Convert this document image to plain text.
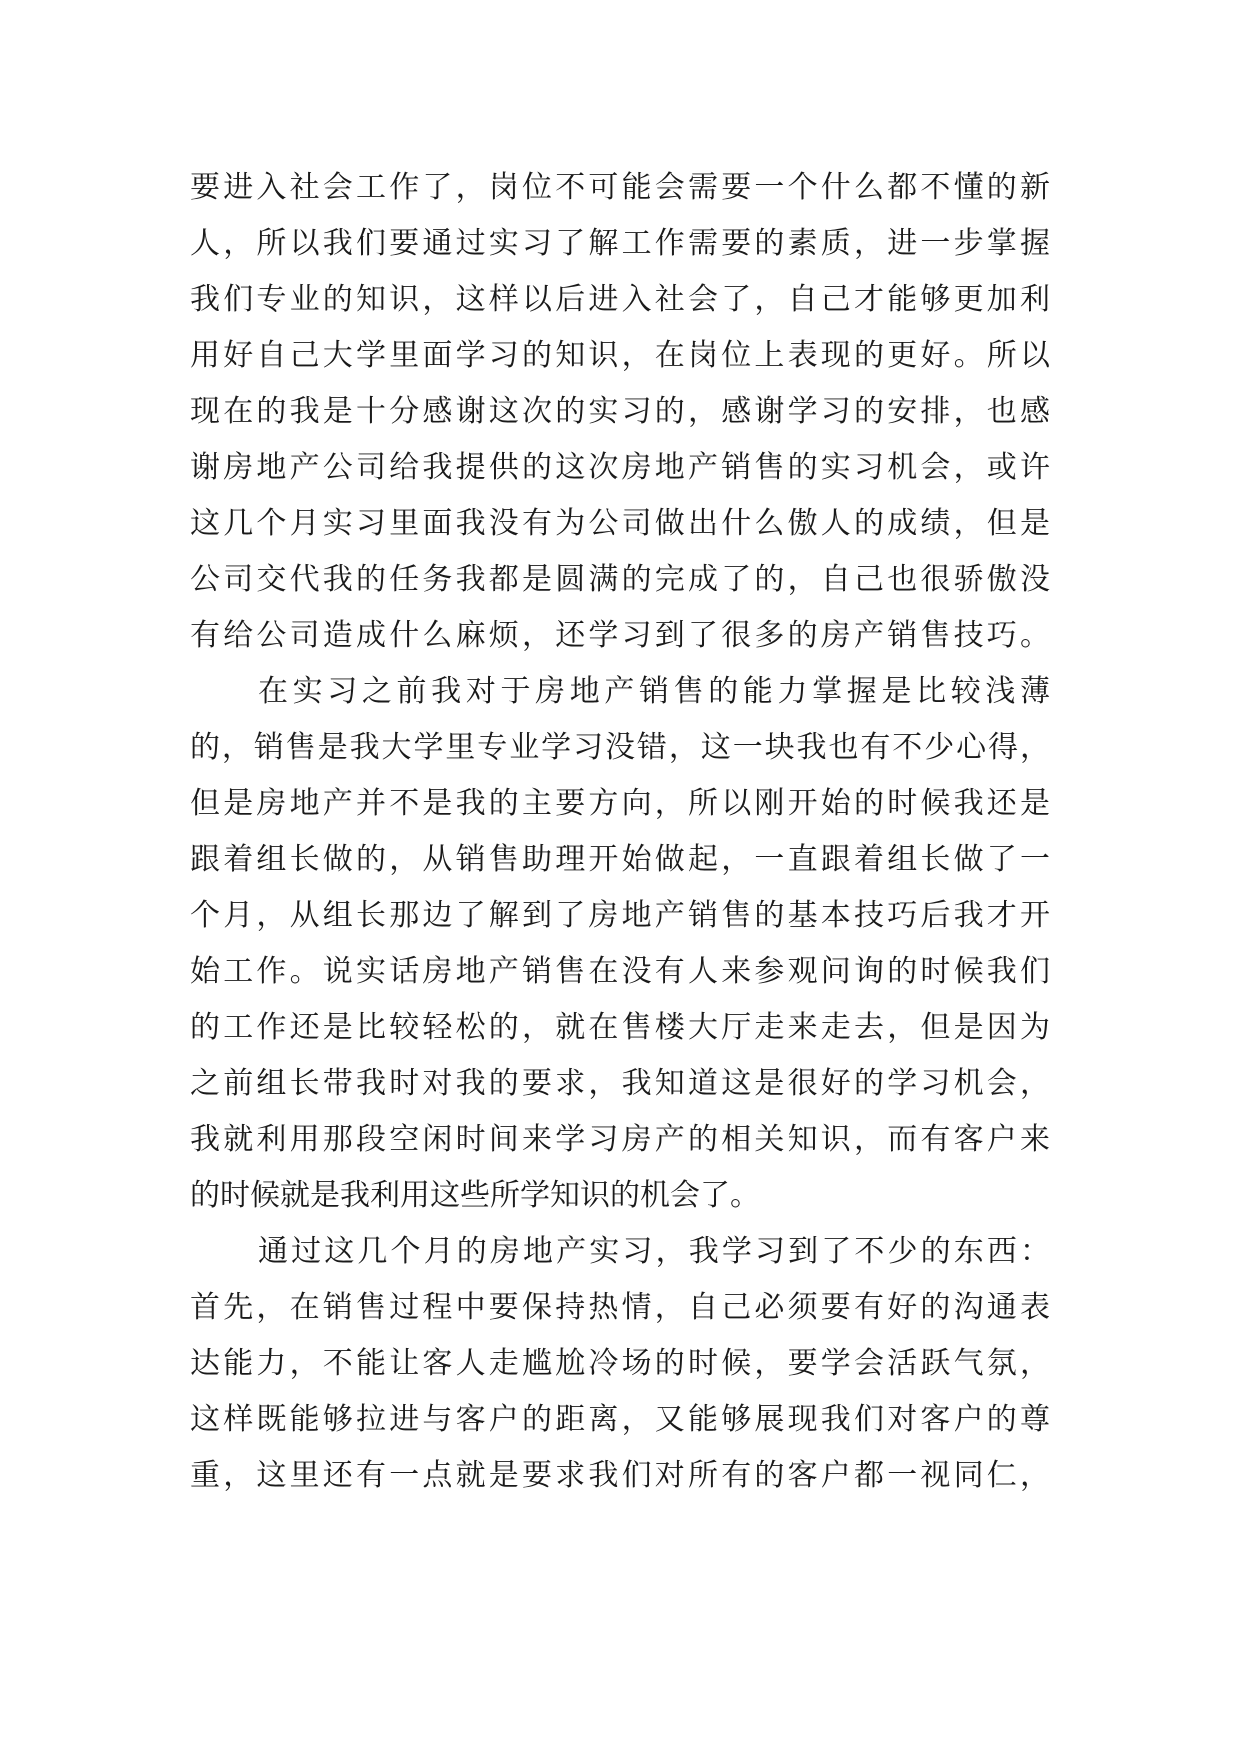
要进入社会工作了，岗位不可能会需要一个什么都不懂的新
人，所以我们要通过实习了解工作需要的素质，进一步掌握
我们专业的知识，这样以后进入社会了，自己才能够更加利
用好自己大学里面学习的知识，在岗位上表现的更好。所以
现在的我是十分感谢这次的实习的，感谢学习的安排，也感
谢房地产公司给我提供的这次房地产销售的实习机会，或许
这几个月实习里面我没有为公司做出什么傲人的成绩，但是
公司交代我的任务我都是圆满的完成了的，自己也很骄傲没
有给公司造成什么麻烦，还学习到了很多的房产销售技巧。
在实习之前我对于房地产销售的能力掌握是比较浅薄
的，销售是我大学里专业学习没错，这一块我也有不少心得，
但是房地产并不是我的主要方向，所以刚开始的时候我还是
跟着组长做的，从销售助理开始做起，一直跟着组长做了一
个月，从组长那边了解到了房地产销售的基本技巧后我才开
始工作。说实话房地产销售在没有人来参观问询的时候我们
的工作还是比较轻松的，就在售楼大厅走来走去，但是因为
之前组长带我时对我的要求，我知道这是很好的学习机会，
我就利用那段空闲时间来学习房产的相关知识，而有客户来
的时候就是我利用这些所学知识的机会了。
通过这几个月的房地产实习，我学习到了不少的东西：
首先，在销售过程中要保持热情，自己必须要有好的沟通表
达能力，不能让客人走尴尬冷场的时候，要学会活跃气氛，
这样既能够拉进与客户的距离，又能够展现我们对客户的尊
重，这里还有一点就是要求我们对所有的客户都一视同仁，
